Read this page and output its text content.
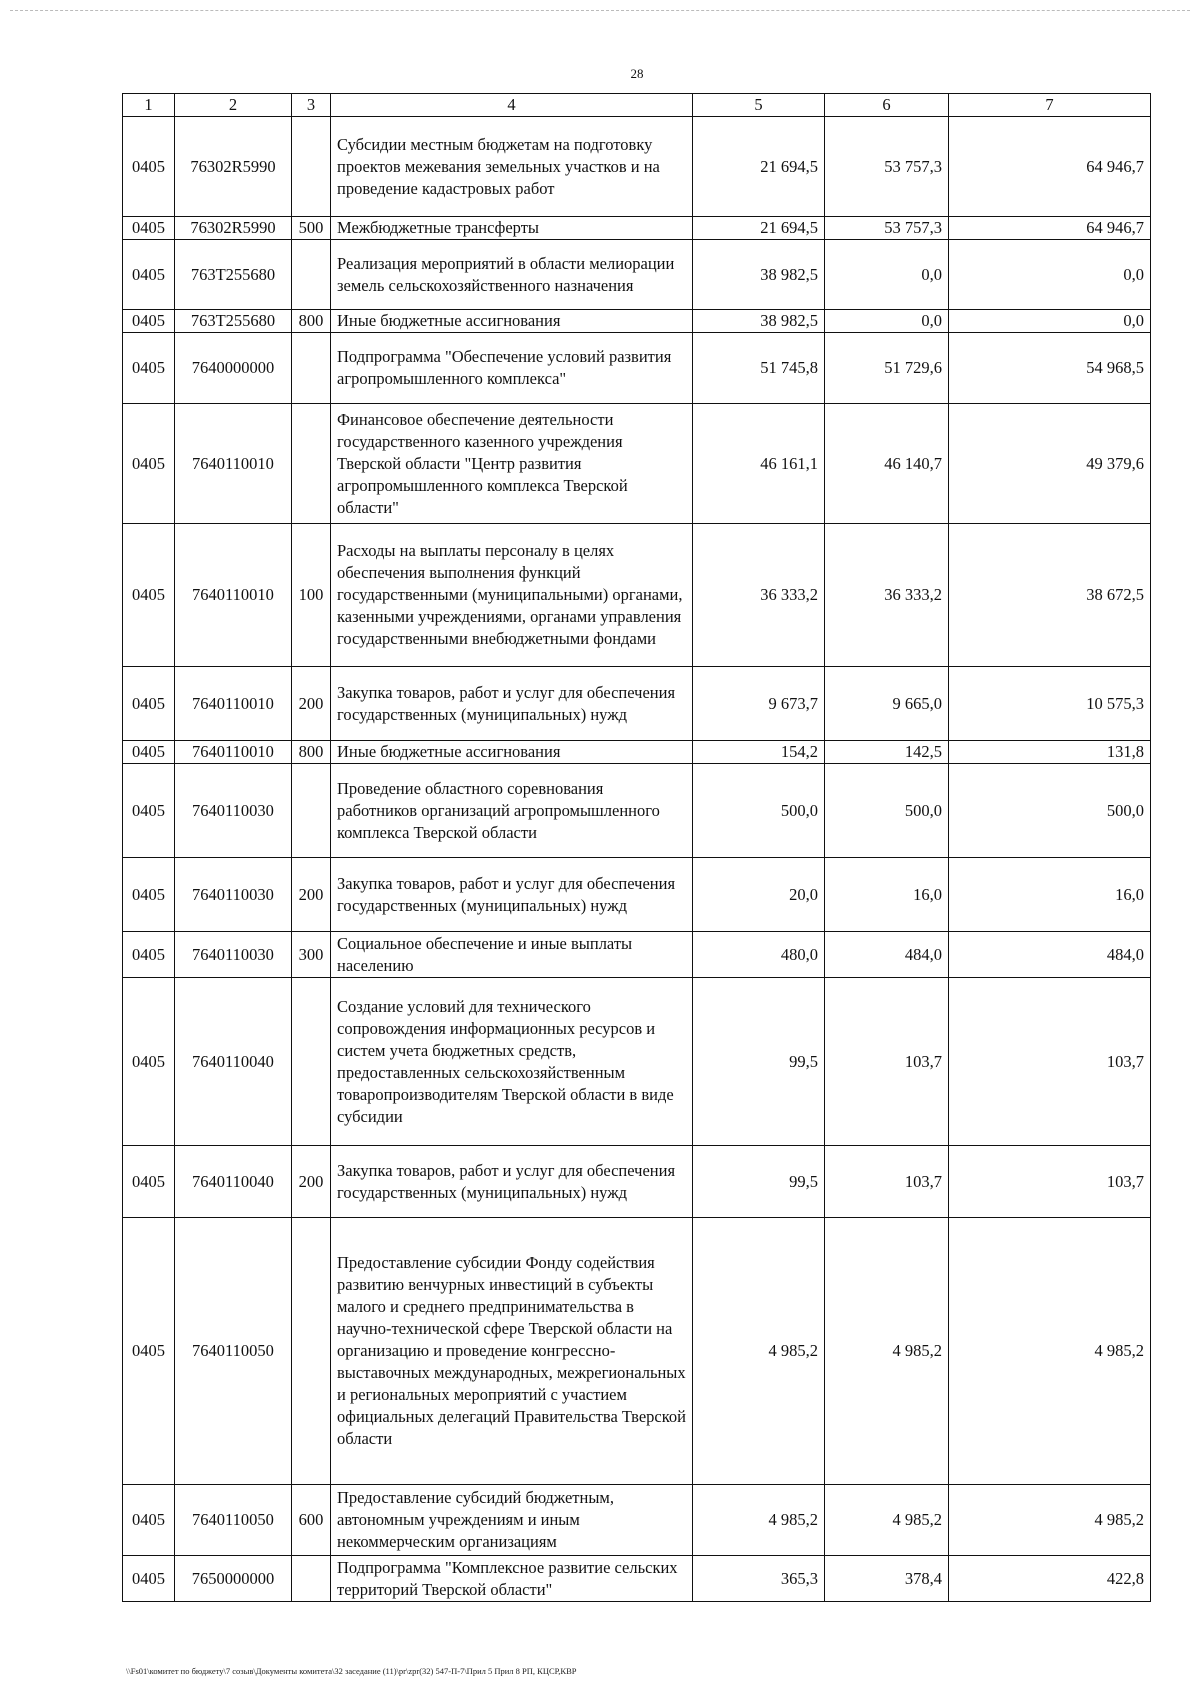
28
1	2	3	4	5	6	7
0405	76302R5990		Субсидии местным бюджетам на подготовку проектов межевания земельных участков и на проведение кадастровых работ	21 694,5	53 757,3	64 946,7
0405	76302R5990	500	Межбюджетные трансферты	21 694,5	53 757,3	64 946,7
0405	763T255680		Реализация мероприятий в области мелиорации земель сельскохозяйственного назначения	38 982,5	0,0	0,0
0405	763T255680	800	Иные бюджетные ассигнования	38 982,5	0,0	0,0
0405	7640000000		Подпрограмма "Обеспечение условий развития агропромышленного комплекса"	51 745,8	51 729,6	54 968,5
0405	7640110010		Финансовое обеспечение деятельности государственного казенного учреждения Тверской области "Центр развития агропромышленного комплекса Тверской области"	46 161,1	46 140,7	49 379,6
0405	7640110010	100	Расходы на выплаты персоналу в целях обеспечения выполнения функций государственными (муниципальными) органами, казенными учреждениями, органами управления государственными внебюджетными фондами	36 333,2	36 333,2	38 672,5
0405	7640110010	200	Закупка товаров, работ и услуг для обеспечения государственных (муниципальных) нужд	9 673,7	9 665,0	10 575,3
0405	7640110010	800	Иные бюджетные ассигнования	154,2	142,5	131,8
0405	7640110030		Проведение областного соревнования работников организаций агропромышленного комплекса Тверской области	500,0	500,0	500,0
0405	7640110030	200	Закупка товаров, работ и услуг для обеспечения государственных (муниципальных) нужд	20,0	16,0	16,0
0405	7640110030	300	Социальное обеспечение и иные выплаты населению	480,0	484,0	484,0
0405	7640110040		Создание условий для технического сопровождения информационных ресурсов и систем учета бюджетных средств, предоставленных сельскохозяйственным товаропроизводителям Тверской области в виде субсидии	99,5	103,7	103,7
0405	7640110040	200	Закупка товаров, работ и услуг для обеспечения государственных (муниципальных) нужд	99,5	103,7	103,7
0405	7640110050		Предоставление субсидии Фонду содействия развитию венчурных инвестиций в субъекты малого и среднего предпринимательства в научно-технической сфере Тверской области на организацию и проведение конгрессно-выставочных международных, межрегиональных и региональных мероприятий с участием официальных делегаций Правительства Тверской области	4 985,2	4 985,2	4 985,2
0405	7640110050	600	Предоставление субсидий бюджетным, автономным учреждениям и иным некоммерческим организациям	4 985,2	4 985,2	4 985,2
0405	7650000000		Подпрограмма "Комплексное развитие сельских территорий Тверской области"	365,3	378,4	422,8
\\Fs01\комитет по бюджету\7 созыв\Документы комитета\32 заседание (11)\pr\zpr(32) 547-П-7\Прил 5 Прил 8 РП, КЦСР,КВР
